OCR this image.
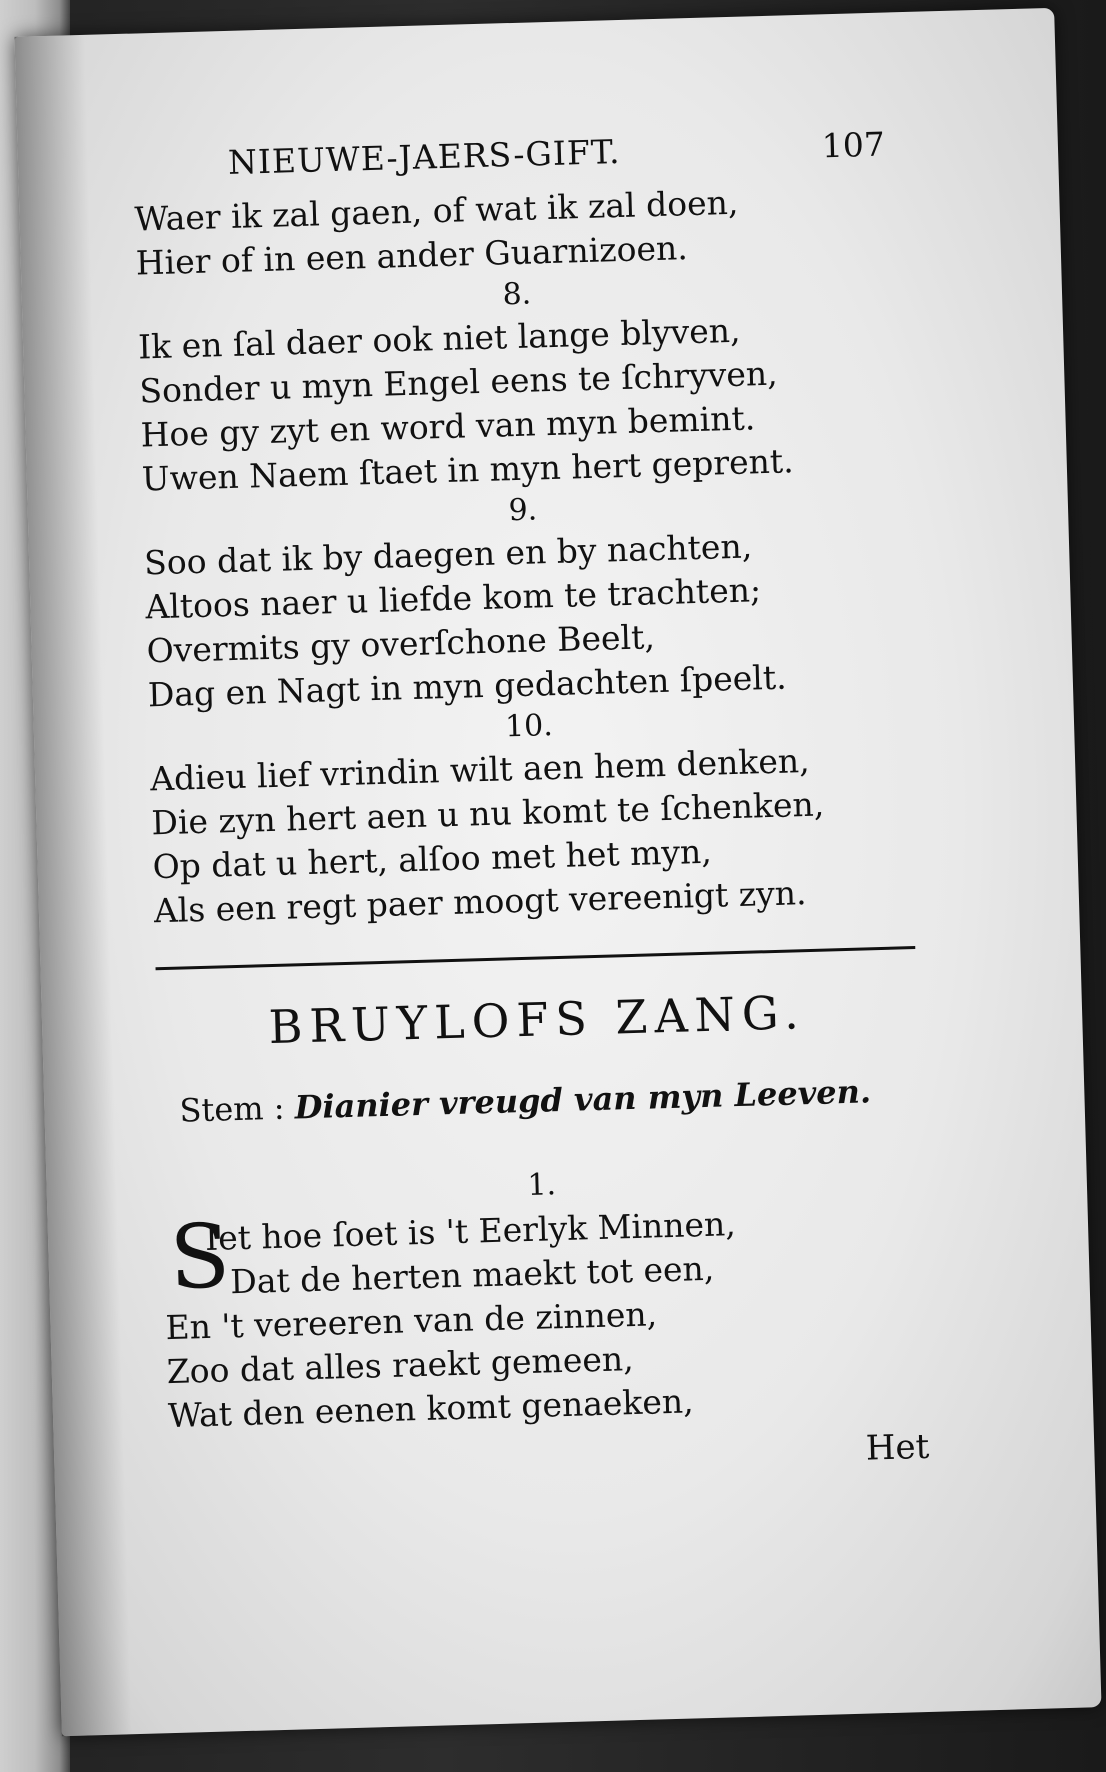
NIEUWE-JAERS-GIFT.	107
Waer ik zal gaen, of wat ik zal doen,
Hier of in een ander Guarnizoen.
8.
Ik en ſal daer ook niet lange blyven,
Sonder u myn Engel eens te ſchryven,
Hoe gy zyt en word van myn bemint.
Uwen Naem ſtaet in myn hert geprent.
9.
Soo dat ik by daegen en by nachten,
Altoos naer u liefde kom te trachten;
Overmits gy overſchone Beelt,
Dag en Nagt in myn gedachten ſpeelt.
10.
Adieu lief vrindin wilt aen hem denken,
Die zyn hert aen u nu komt te ſchenken,
Op dat u hert, alſoo met het myn,
Als een regt paer moogt vereenigt zyn.
BRUYLOFS ZANG.
Stem : Dianier vreugd van myn Leeven.
1.
S
Iet hoe ſoet is 't Eerlyk Minnen,
Dat de herten maekt tot een,
En 't vereeren van de zinnen,
Zoo dat alles raekt gemeen,
Wat den eenen komt genaeken,
Het
